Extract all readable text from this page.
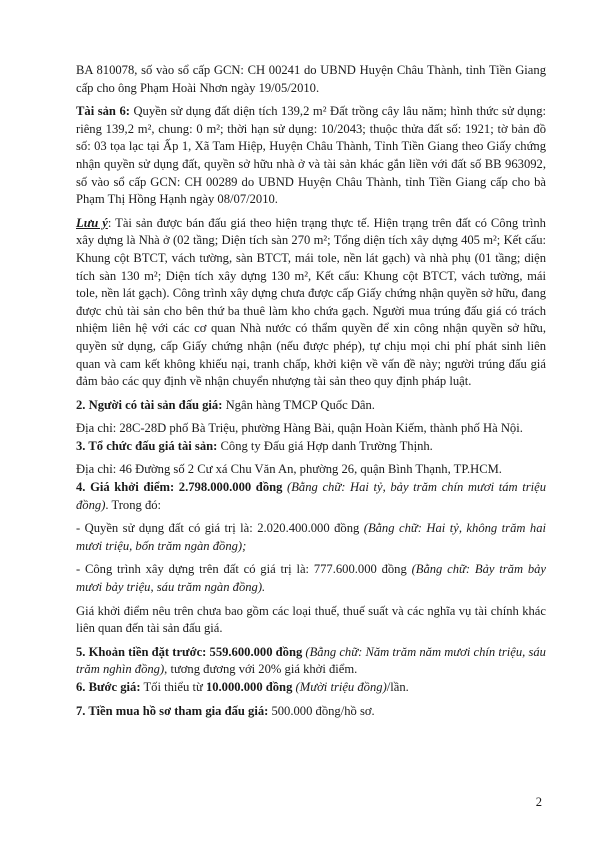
BA 810078, số vào sổ cấp GCN: CH 00241 do UBND Huyện Châu Thành, tỉnh Tiền Giang cấp cho ông Phạm Hoài Nhơn ngày 19/05/2010.

Tài sản 6: Quyền sử dụng đất diện tích 139,2 m² Đất trồng cây lâu năm; hình thức sử dụng: riêng 139,2 m², chung: 0 m²; thời hạn sử dụng: 10/2043; thuộc thửa đất số: 1921; tờ bản đồ số: 03 tọa lạc tại Ấp 1, Xã Tam Hiệp, Huyện Châu Thành, Tỉnh Tiền Giang theo Giấy chứng nhận quyền sử dụng đất, quyền sở hữu nhà ở và tài sản khác gắn liền với đất số BB 963092, số vào sổ cấp GCN: CH 00289 do UBND Huyện Châu Thành, tỉnh Tiền Giang cấp cho bà Phạm Thị Hồng Hạnh ngày 08/07/2010.

Lưu ý: Tài sản được bán đấu giá theo hiện trạng thực tế. Hiện trạng trên đất có Công trình xây dựng là Nhà ở (02 tầng; Diện tích sàn 270 m²; Tổng diện tích xây dựng 405 m²; Kết cấu: Khung cột BTCT, vách tường, sàn BTCT, mái tole, nền lát gạch) và nhà phụ (01 tầng; diện tích sàn 130 m²; Diện tích xây dựng 130 m², Kết cấu: Khung cột BTCT, vách tường, mái tole, nền lát gạch). Công trình xây dựng chưa được cấp Giấy chứng nhận quyền sở hữu, đang được chủ tài sản cho bên thứ ba thuê làm kho chứa gạch. Người mua trúng đấu giá có trách nhiệm liên hệ với các cơ quan Nhà nước có thẩm quyền để xin công nhận quyền sở hữu, quyền sử dụng, cấp Giấy chứng nhận (nếu được phép), tự chịu mọi chi phí phát sinh liên quan và cam kết không khiếu nại, tranh chấp, khởi kiện về vấn đề này; người trúng đấu giá đảm bảo các quy định về nhận chuyển nhượng tài sản theo quy định pháp luật.

2. Người có tài sản đấu giá: Ngân hàng TMCP Quốc Dân.

Địa chỉ: 28C-28D phố Bà Triệu, phường Hàng Bài, quận Hoàn Kiếm, thành phố Hà Nội.

3. Tổ chức đấu giá tài sản: Công ty Đấu giá Hợp danh Trường Thịnh.

Địa chỉ: 46 Đường số 2 Cư xá Chu Văn An, phường 26, quận Bình Thạnh, TP.HCM.

4. Giá khởi điểm: 2.798.000.000 đồng (Bằng chữ: Hai tỷ, bảy trăm chín mươi tám triệu đồng). Trong đó:

- Quyền sử dụng đất có giá trị là: 2.020.400.000 đồng (Bằng chữ: Hai tỷ, không trăm hai mươi triệu, bốn trăm ngàn đồng);

- Công trình xây dựng trên đất có giá trị là: 777.600.000 đồng (Bằng chữ: Bảy trăm bảy mươi bảy triệu, sáu trăm ngàn đồng).

Giá khởi điểm nêu trên chưa bao gồm các loại thuế, thuế suất và các nghĩa vụ tài chính khác liên quan đến tài sản đấu giá.

5. Khoản tiền đặt trước: 559.600.000 đồng (Bằng chữ: Năm trăm năm mươi chín triệu, sáu trăm nghìn đồng), tương đương với 20% giá khởi điểm.

6. Bước giá: Tối thiểu từ 10.000.000 đồng (Mười triệu đồng)/lần.

7. Tiền mua hồ sơ tham gia đấu giá: 500.000 đồng/hồ sơ.

2
